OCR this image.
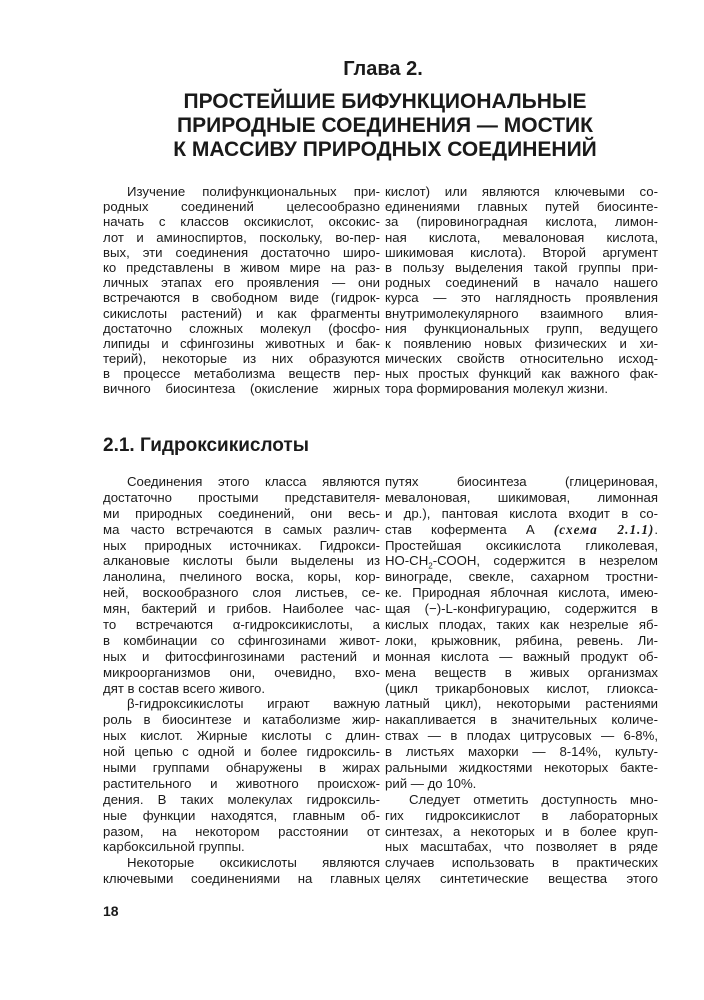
Глава 2.
ПРОСТЕЙШИЕ БИФУНКЦИОНАЛЬНЫЕ
ПРИРОДНЫЕ СОЕДИНЕНИЯ — МОСТИК
К МАССИВУ ПРИРОДНЫХ СОЕДИНЕНИЙ
Изучение полифункциональных при-
родных соединений целесообразно
начать с классов оксикислот, оксокис-
лот и аминоспиртов, поскольку, во-пер-
вых, эти соединения достаточно широ-
ко представлены в живом мире на раз-
личных этапах его проявления — они
встречаются в свободном виде (гидрок-
сикислоты растений) и как фрагменты
достаточно сложных молекул (фосфо-
липиды и сфингозины животных и бак-
терий), некоторые из них образуются
в процессе метаболизма веществ пер-
вичного биосинтеза (окисление жирных
кислот) или являются ключевыми со-
единениями главных путей биосинте-
за (пировиноградная кислота, лимон-
ная кислота, мевалоновая кислота,
шикимовая кислота). Второй аргумент
в пользу выделения такой группы при-
родных соединений в начало нашего
курса — это наглядность проявления
внутримолекулярного взаимного влия-
ния функциональных групп, ведущего
к появлению новых физических и хи-
мических свойств относительно исход-
ных простых функций как важного фак-
тора формирования молекул жизни.
2.1. Гидроксикислоты
Соединения этого класса являются
достаточно простыми представителя-
ми природных соединений, они весь-
ма часто встречаются в самых различ-
ных природных источниках. Гидрокси-
алкановые кислоты были выделены из
ланолина, пчелиного воска, коры, кор-
ней, воскообразного слоя листьев, се-
мян, бактерий и грибов. Наиболее час-
то встречаются α-гидроксикислоты, а
в комбинации со сфингозинами живот-
ных и фитосфингозинами растений и
микроорганизмов они, очевидно, вхо-
дят в состав всего живого.
β-гидроксикислоты играют важную
роль в биосинтезе и катаболизме жир-
ных кислот. Жирные кислоты с длин-
ной цепью с одной и более гидроксиль-
ными группами обнаружены в жирах
растительного и животного происхож-
дения. В таких молекулах гидроксиль-
ные функции находятся, главным об-
разом, на некотором расстоянии от
карбоксильной группы.
Некоторые оксикислоты являются
ключевыми соединениями на главных
путях биосинтеза (глицериновая,
мевалоновая, шикимовая, лимонная
и др.), пантовая кислота входит в со-
став кофермента А (схема 2.1.1).
Простейшая оксикислота гликолевая,
$НО-СН_2$-СООН, содержится в незрелом
винограде, свекле, сахарном тростни-
ке. Природная яблочная кислота, имею-
щая (−)-L-конфигурацию, содержится в
кислых плодах, таких как незрелые яб-
локи, крыжовник, рябина, ревень. Ли-
монная кислота — важный продукт об-
мена веществ в живых организмах
(цикл трикарбоновых кислот, глиокса-
латный цикл), некоторыми растениями
накапливается в значительных количе-
ствах — в плодах цитрусовых — 6-8%,
в листьях махорки — 8-14%, культу-
ральными жидкостями некоторых бакте-
рий — до 10%.
Следует отметить доступность мно-
гих гидроксикислот в лабораторных
синтезах, а некоторых и в более круп-
ных масштабах, что позволяет в ряде
случаев использовать в практических
целях синтетические вещества этого
18
